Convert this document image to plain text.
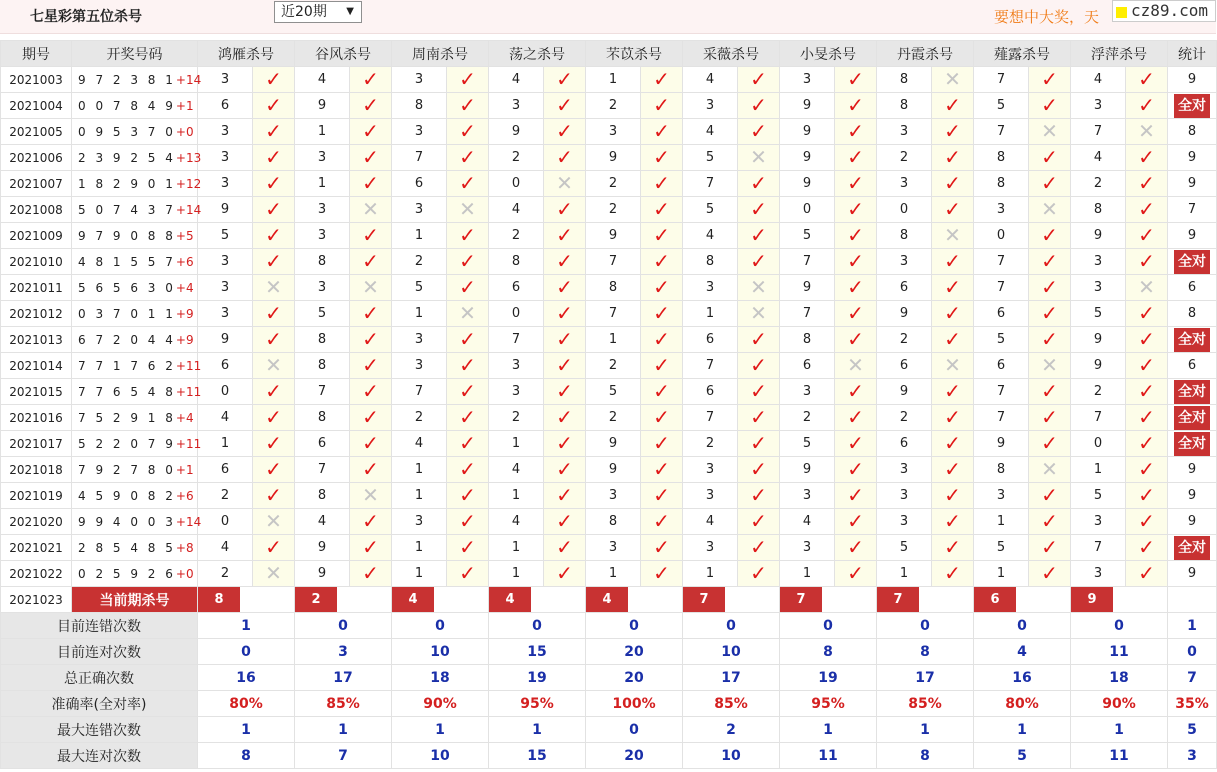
七星彩第五位杀号	近20期 ▼	要想中大奖，天	cz89.com
期号	开奖号码	鸿雁杀号		谷风杀号		周南杀号		荡之杀号		芣苡杀号		采薇杀号		小旻杀号		丹霞杀号		薤露杀号		浮萍杀号		统计
2021003	9 7 2 3 8 1+14	3	✓	4	✓	3	✓	4	✓	1	✓	4	✓	3	✓	8	✕	7	✓	4	✓	9
2021004	0 0 7 8 4 9+1	6	✓	9	✓	8	✓	3	✓	2	✓	3	✓	9	✓	8	✓	5	✓	3	✓	全对
2021005	0 9 5 3 7 0+0	3	✓	1	✓	3	✓	9	✓	3	✓	4	✓	9	✓	3	✓	7	✕	7	✕	8
2021006	2 3 9 2 5 4+13	3	✓	3	✓	7	✓	2	✓	9	✓	5	✕	9	✓	2	✓	8	✓	4	✓	9
2021007	1 8 2 9 0 1+12	3	✓	1	✓	6	✓	0	✕	2	✓	7	✓	9	✓	3	✓	8	✓	2	✓	9
2021008	5 0 7 4 3 7+14	9	✓	3	✕	3	✕	4	✓	2	✓	5	✓	0	✓	0	✓	3	✕	8	✓	7
2021009	9 7 9 0 8 8+5	5	✓	3	✓	1	✓	2	✓	9	✓	4	✓	5	✓	8	✕	0	✓	9	✓	9
2021010	4 8 1 5 5 7+6	3	✓	8	✓	2	✓	8	✓	7	✓	8	✓	7	✓	3	✓	7	✓	3	✓	全对
2021011	5 6 5 6 3 0+4	3	✕	3	✕	5	✓	6	✓	8	✓	3	✕	9	✓	6	✓	7	✓	3	✕	6
2021012	0 3 7 0 1 1+9	3	✓	5	✓	1	✕	0	✓	7	✓	1	✕	7	✓	9	✓	6	✓	5	✓	8
2021013	6 7 2 0 4 4+9	9	✓	8	✓	3	✓	7	✓	1	✓	6	✓	8	✓	2	✓	5	✓	9	✓	全对
2021014	7 7 1 7 6 2+11	6	✕	8	✓	3	✓	3	✓	2	✓	7	✓	6	✕	6	✕	6	✕	9	✓	6
2021015	7 7 6 5 4 8+11	0	✓	7	✓	7	✓	3	✓	5	✓	6	✓	3	✓	9	✓	7	✓	2	✓	全对
2021016	7 5 2 9 1 8+4	4	✓	8	✓	2	✓	2	✓	2	✓	7	✓	2	✓	2	✓	7	✓	7	✓	全对
2021017	5 2 2 0 7 9+11	1	✓	6	✓	4	✓	1	✓	9	✓	2	✓	5	✓	6	✓	9	✓	0	✓	全对
2021018	7 9 2 7 8 0+1	6	✓	7	✓	1	✓	4	✓	9	✓	3	✓	9	✓	3	✓	8	✕	1	✓	9
2021019	4 5 9 0 8 2+6	2	✓	8	✕	1	✓	1	✓	3	✓	3	✓	3	✓	3	✓	3	✓	5	✓	9
2021020	9 9 4 0 0 3+14	0	✕	4	✓	3	✓	4	✓	8	✓	4	✓	4	✓	3	✓	1	✓	3	✓	9
2021021	2 8 5 4 8 5+8	4	✓	9	✓	1	✓	1	✓	3	✓	3	✓	3	✓	5	✓	5	✓	7	✓	全对
2021022	0 2 5 9 2 6+0	2	✕	9	✓	1	✓	1	✓	1	✓	1	✓	1	✓	1	✓	1	✓	3	✓	9
2021023	当前期杀号	8		2		4		4		4		7		7		7		6		9		
目前连错次数		1		0		0		0		0		0		0		0		0		0		1
目前连对次数		0		3		10		15		20		10		8		8		4		11		0
总正确次数		16		17		18		19		20		17		19		17		16		18		7
准确率(全对率)		80%		85%		90%		95%		100%		85%		95%		85%		80%		90%		35%
最大连错次数		1		1		1		1		0		2		1		1		1		1		5
最大连对次数		8		7		10		15		20		10		11		8		5		11		3
